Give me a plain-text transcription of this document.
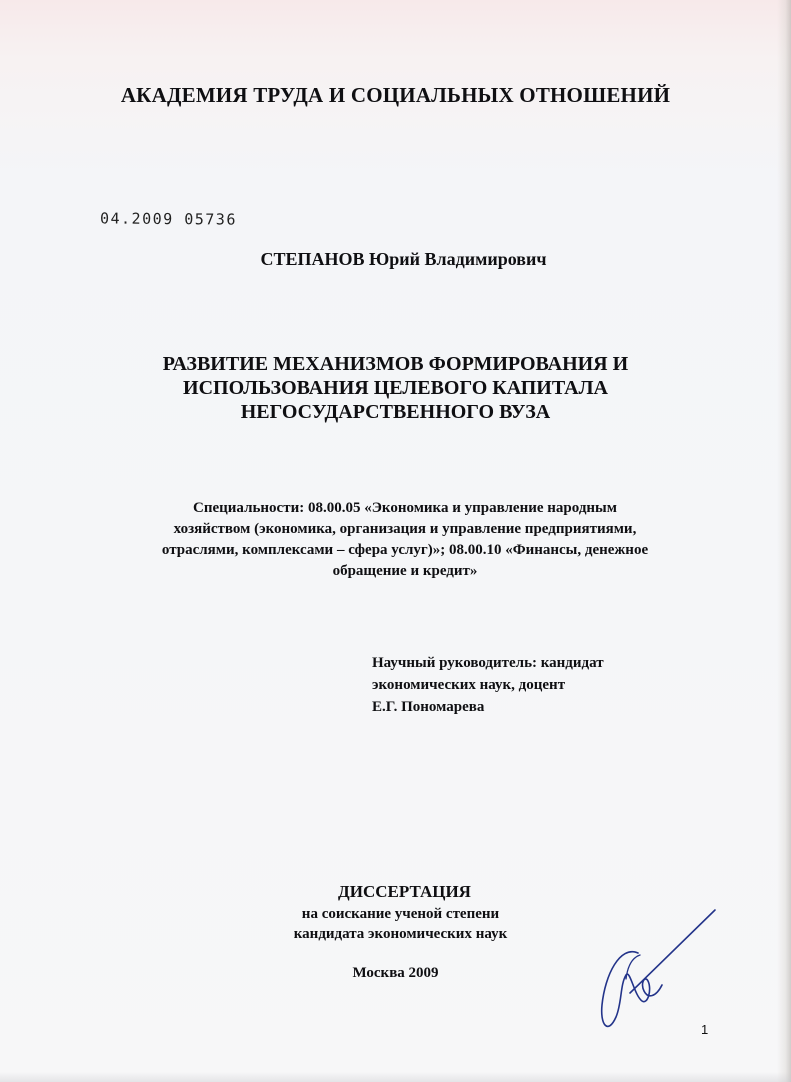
АКАДЕМИЯ ТРУДА И СОЦИАЛЬНЫХ ОТНОШЕНИЙ
04.2009 05736
СТЕПАНОВ Юрий Владимирович
РАЗВИТИЕ МЕХАНИЗМОВ ФОРМИРОВАНИЯ И
ИСПОЛЬЗОВАНИЯ ЦЕЛЕВОГО КАПИТАЛА
НЕГОСУДАРСТВЕННОГО ВУЗА
Специальности: 08.00.05 «Экономика и управление народным
хозяйством (экономика, организация и управление предприятиями,
отраслями, комплексами – сфера услуг)»; 08.00.10 «Финансы, денежное
обращение и кредит»
Научный руководитель: кандидат
экономических наук, доцент
Е.Г. Пономарева
ДИССЕРТАЦИЯ
на соискание ученой степени
кандидата экономических наук
Москва 2009
1
